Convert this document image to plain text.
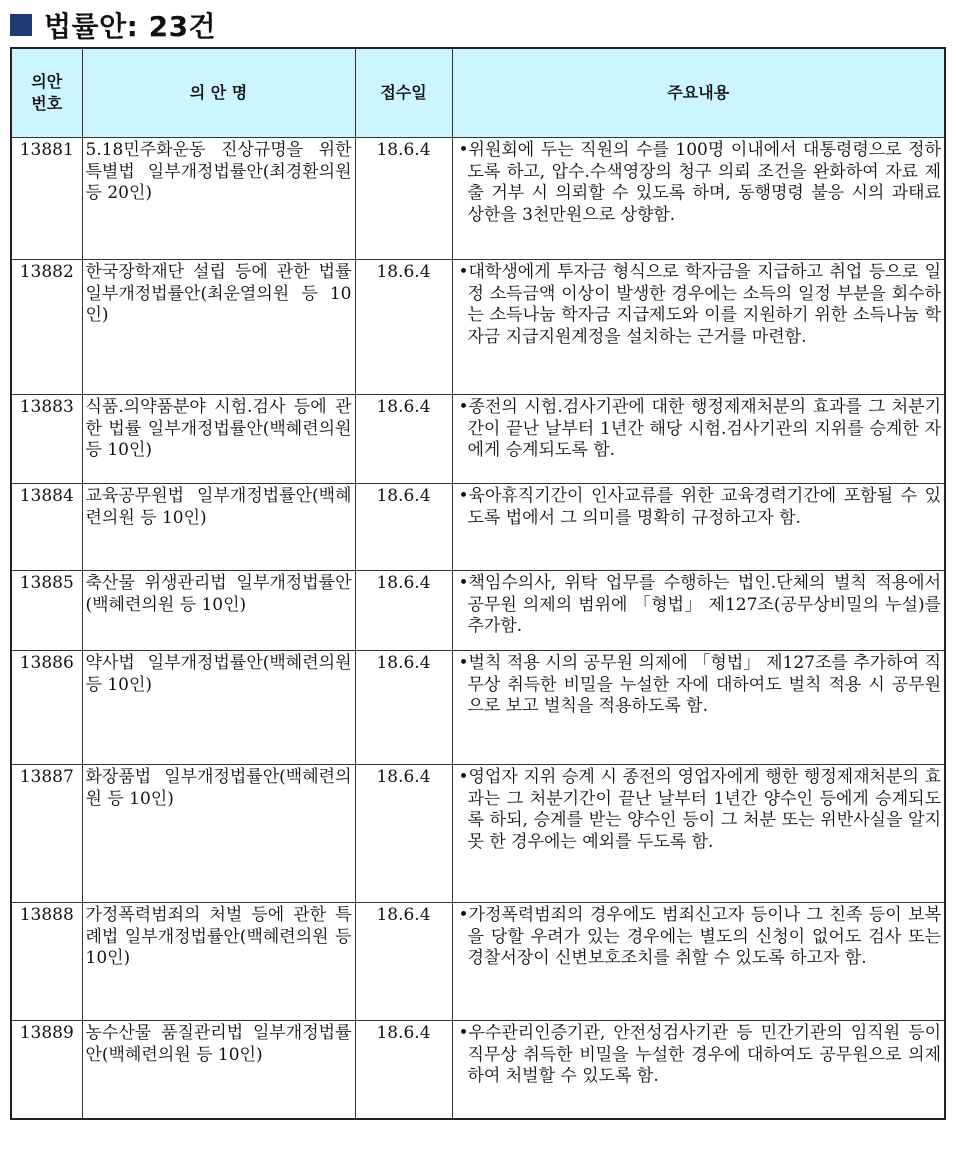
법률안: 23건
의안
번호	의 안 명	접수일	주요내용
13881	5.18민주화운동 진상규명을 위한 특별법 일부개정법률안(최경환의원 등 20인)	18.6.4	•위원회에 두는 직원의 수를 100명 이내에서 대통령령으로 정하도록 하고, 압수.수색영장의 청구 의뢰 조건을 완화하여 자료 제출 거부 시 의뢰할 수 있도록 하며, 동행명령 불응 시의 과태료 상한을 3천만원으로 상향함.

13882	한국장학재단 설립 등에 관한 법률 일부개정법률안(최운열의원 등 10인)	18.6.4	•대학생에게 투자금 형식으로 학자금을 지급하고 취업 등으로 일정 소득금액 이상이 발생한 경우에는 소득의 일정 부분을 회수하는 소득나눔 학자금 지급제도와 이를 지원하기 위한 소득나눔 학자금 지급지원계정을 설치하는 근거를 마련함.

13883	식품.의약품분야 시험.검사 등에 관한 법률 일부개정법률안(백혜련의원 등 10인)	18.6.4	•종전의 시험.검사기관에 대한 행정제재처분의 효과를 그 처분기간이 끝난 날부터 1년간 해당 시험.검사기관의 지위를 승계한 자에게 승계되도록 함.

13884	교육공무원법 일부개정법률안(백혜련의원 등 10인)	18.6.4	•육아휴직기간이 인사교류를 위한 교육경력기간에 포함될 수 있도록 법에서 그 의미를 명확히 규정하고자 함.

13885	축산물 위생관리법 일부개정법률안(백혜련의원 등 10인)	18.6.4	•책임수의사, 위탁 업무를 수행하는 법인.단체의 벌칙 적용에서 공무원 의제의 범위에 「형법」 제127조(공무상비밀의 누설)를 추가함.

13886	약사법 일부개정법률안(백혜련의원 등 10인)	18.6.4	•벌칙 적용 시의 공무원 의제에 「형법」 제127조를 추가하여 직무상 취득한 비밀을 누설한 자에 대하여도 벌칙 적용 시 공무원으로 보고 벌칙을 적용하도록 함.

13887	화장품법 일부개정법률안(백혜련의원 등 10인)	18.6.4	•영업자 지위 승계 시 종전의 영업자에게 행한 행정제재처분의 효과는 그 처분기간이 끝난 날부터 1년간 양수인 등에게 승계되도록 하되, 승계를 받는 양수인 등이 그 처분 또는 위반사실을 알지 못 한 경우에는 예외를 두도록 함.

13888	가정폭력범죄의 처벌 등에 관한 특례법 일부개정법률안(백혜련의원 등 10인)	18.6.4	•가정폭력범죄의 경우에도 범죄신고자 등이나 그 친족 등이 보복을 당할 우려가 있는 경우에는 별도의 신청이 없어도 검사 또는 경찰서장이 신변보호조치를 취할 수 있도록 하고자 함.

13889	농수산물 품질관리법 일부개정법률안(백혜련의원 등 10인)	18.6.4	•우수관리인증기관, 안전성검사기관 등 민간기관의 임직원 등이 직무상 취득한 비밀을 누설한 경우에 대하여도 공무원으로 의제하여 처벌할 수 있도록 함.
